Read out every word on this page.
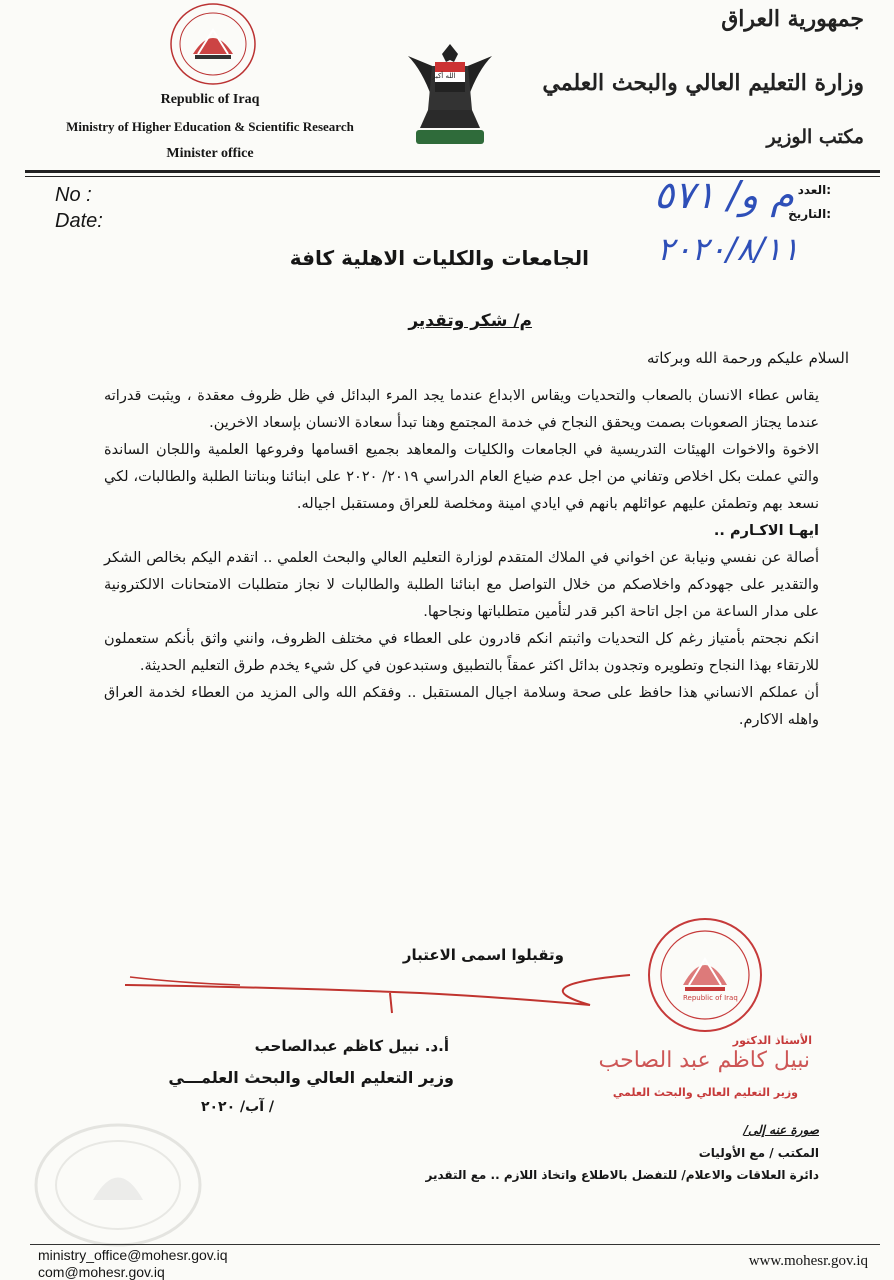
الله أكبر
Republic of Iraq
Ministry of Higher Education & Scientific Research
Minister office
جمهورية العراق
وزارة التعليم العالي والبحث العلمي
مكتب الوزير
No :
Date:
العدد:
التاريخ:
م و/ ٥٧١
٢٠٢٠/٨/١١
الجامعات والكليات الاهلية كافة
م/ شكر وتقدير
السلام عليكم ورحمة الله وبركاته

يقاس عطاء الانسان بالصعاب والتحديات ويقاس الابداع عندما يجد المرء البدائل في ظل ظروف معقدة ، ويثبت قدراته عندما يجتاز الصعوبات بصمت ويحقق النجاح في خدمة المجتمع وهنا تبدأ سعادة الانسان بإسعاد الاخرين.

الاخوة والاخوات الهيئات التدريسية في الجامعات والكليات والمعاهد بجميع اقسامها وفروعها العلمية واللجان الساندة والتي عملت بكل اخلاص وتفاني من اجل عدم ضياع العام الدراسي ٢٠١٩/ ٢٠٢٠ على ابنائنا وبناتنا الطلبة والطالبات، لكي نسعد بهم وتطمئن عليهم عوائلهم بانهم في ايادي امينة ومخلصة للعراق ومستقبل اجياله.

ايهـا الاكـارم ..

أصالة عن نفسي ونيابة عن اخواني في الملاك المتقدم لوزارة التعليم العالي والبحث العلمي .. اتقدم اليكم بخالص الشكر والتقدير على جهودكم واخلاصكم من خلال التواصل مع ابنائنا الطلبة والطالبات لا نجاز متطلبات الامتحانات الالكترونية على مدار الساعة من اجل اتاحة اكبر قدر لتأمين متطلباتها ونجاحها.

انكم نجحتم بأمتياز رغم كل التحديات واثبتم انكم قادرون على العطاء في مختلف الظروف، وانني واثق بأنكم ستعملون للارتقاء بهذا النجاح وتطويره وتجدون بدائل اكثر عمقاً بالتطبيق وستبدعون في كل شيء يخدم طرق التعليم الحديثة.

أن عملكم الانساني هذا حافظ على صحة وسلامة اجيال المستقبل .. وفقكم الله والى المزيد من العطاء لخدمة العراق واهله الاكارم.

وتقبلوا اسمى الاعتبار
أ.د. نبيل كاظم عبدالصاحب
وزير التعليم العالي والبحث العلمـــي
/ آب/ ٢٠٢٠
Republic of Iraq
الأستاذ الدكتور
نبيل كاظم عبد الصاحب
وزير التعليم العالي والبحث العلمي
صورة عنه إلى/
المكتب / مع الأوليات
دائرة العلاقات والاعلام/ للتفضل بالاطلاع واتخاذ اللازم .. مع التقدير
ministry_office@mohesr.gov.iq
com@mohesr.gov.iq
www.mohesr.gov.iq
